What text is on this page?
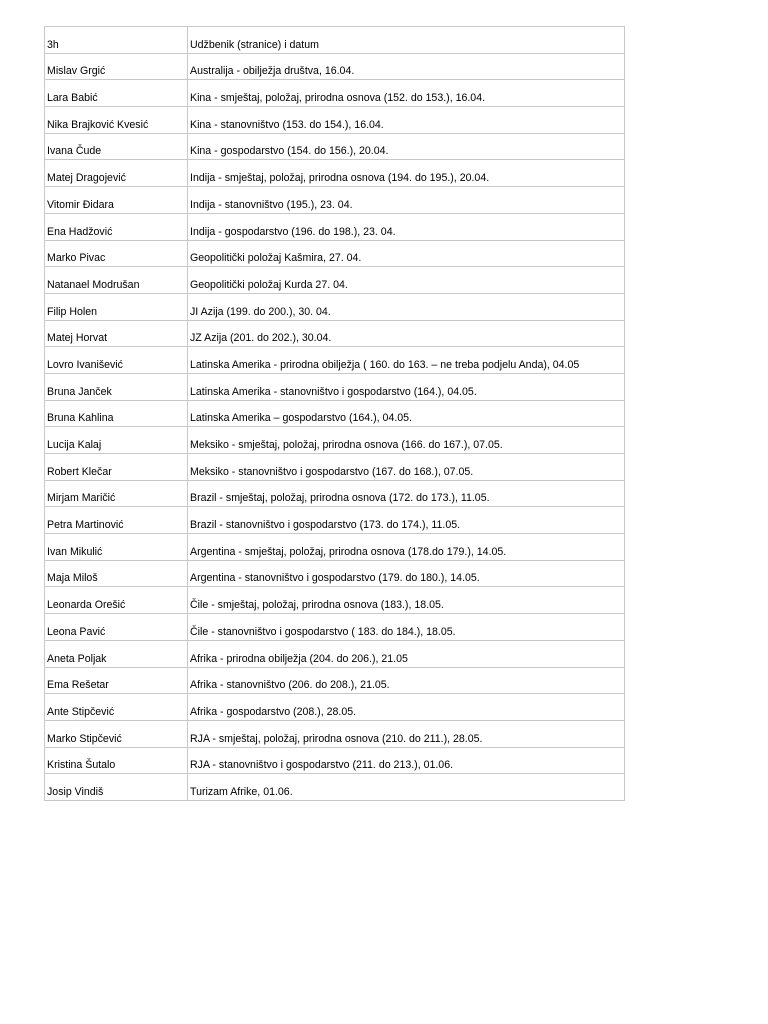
3h	Udžbenik (stranice) i datum
Mislav Grgić	Australija - obilježja društva, 16.04.
Lara Babić	Kina - smještaj, položaj, prirodna osnova (152. do 153.), 16.04.
Nika Brajković Kvesić	Kina - stanovništvo (153. do 154.), 16.04.
Ivana Čude	Kina - gospodarstvo (154. do 156.), 20.04.
Matej Dragojević	Indija - smještaj, položaj, prirodna osnova (194. do 195.), 20.04.
Vitomir Đidara	Indija - stanovništvo (195.), 23. 04.
Ena Hadžović	Indija - gospodarstvo (196. do 198.), 23. 04.
Marko Pivac	Geopolitički položaj Kašmira, 27. 04.
Natanael Modrušan	Geopolitički položaj Kurda 27. 04.
Filip Holen	JI Azija (199. do 200.), 30. 04.
Matej Horvat	JZ Azija (201. do 202.), 30.04.
Lovro Ivanišević	Latinska Amerika - prirodna obilježja ( 160. do 163. – ne treba podjelu Anda), 04.05
Bruna Janček	Latinska Amerika - stanovništvo i gospodarstvo (164.), 04.05.
Bruna Kahlina	Latinska Amerika – gospodarstvo (164.), 04.05.
Lucija Kalaj	Meksiko - smještaj, položaj, prirodna osnova (166. do 167.), 07.05.
Robert Klečar	Meksiko - stanovništvo i gospodarstvo (167. do 168.), 07.05.
Mirjam Maričić	Brazil - smještaj, položaj, prirodna osnova (172. do 173.), 11.05.
Petra Martinović	Brazil - stanovništvo i gospodarstvo (173. do 174.), 11.05.
Ivan Mikulić	Argentina - smještaj, položaj, prirodna osnova (178.do 179.), 14.05.
Maja Miloš	Argentina - stanovništvo i gospodarstvo (179. do 180.), 14.05.
Leonarda Orešić	Čile - smještaj, položaj, prirodna osnova (183.), 18.05.
Leona Pavić	Čile - stanovništvo i gospodarstvo ( 183. do 184.), 18.05.
Aneta Poljak	Afrika - prirodna obilježja (204. do 206.), 21.05
Ema Rešetar	Afrika - stanovništvo (206. do 208.), 21.05.
Ante Stipčević	Afrika - gospodarstvo (208.), 28.05.
Marko Stipčević	RJA - smještaj, položaj, prirodna osnova (210. do 211.), 28.05.
Kristina Šutalo	RJA - stanovništvo i gospodarstvo (211. do 213.), 01.06.
Josip Vindiš	Turizam Afrike, 01.06.
